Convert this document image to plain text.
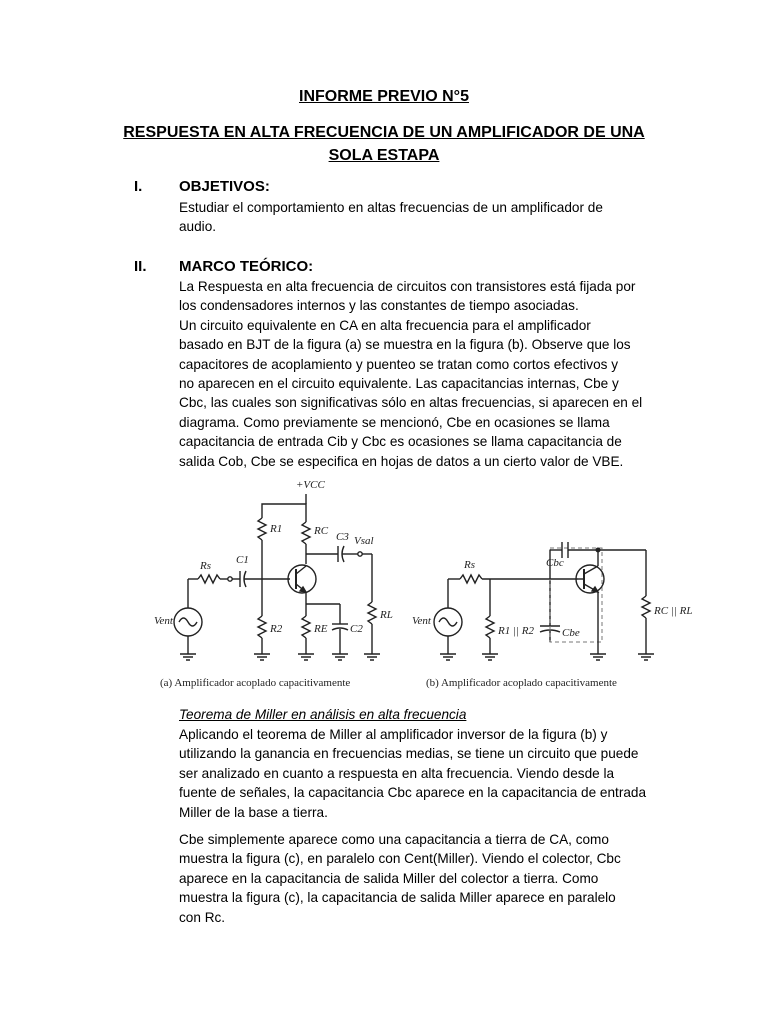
INFORME PREVIO N°5
RESPUESTA EN ALTA FRECUENCIA DE UN AMPLIFICADOR DE UNA
SOLA ESTAPA
I. OBJETIVOS:
Estudiar el comportamiento en altas frecuencias de un amplificador de
audio.
II. MARCO TEÓRICO:
La Respuesta en alta frecuencia de circuitos con transistores está fijada por
los condensadores internos y las constantes de tiempo asociadas.
Un circuito equivalente en CA en alta frecuencia para el amplificador
basado en BJT de la figura (a) se muestra en la figura (b). Observe que los
capacitores de acoplamiento y puenteo se tratan como cortos efectivos y
no aparecen en el circuito equivalente. Las capacitancias internas, Cbe y
Cbc, las cuales son significativas sólo en altas frecuencias, si aparecen en el
diagrama. Como previamente se mencionó, Cbe en ocasiones se llama
capacitancia de entrada Cib y Cbc es ocasiones se llama capacitancia de
salida Cob, Cbe se especifica en hojas de datos a un cierto valor de VBE.
+VCC
R1	RC
Rs C1
Vent
RE C2
R2
C3 Vsal
RL
(a) Amplificador acoplado capacitivamente
Vent
Rs
R1 || R2	Cbe
Cbc
RC || RL
(b) Amplificador acoplado capacitivamente
Teorema de Miller en análisis en alta frecuencia
Aplicando el teorema de Miller al amplificador inversor de la figura (b) y
utilizando la ganancia en frecuencias medias, se tiene un circuito que puede
ser analizado en cuanto a respuesta en alta frecuencia. Viendo desde la
fuente de señales, la capacitancia Cbc aparece en la capacitancia de entrada
Miller de la base a tierra.
Cbe simplemente aparece como una capacitancia a tierra de CA, como
muestra la figura (c), en paralelo con Cent(Miller). Viendo el colector, Cbc
aparece en la capacitancia de salida Miller del colector a tierra. Como
muestra la figura (c), la capacitancia de salida Miller aparece en paralelo
con Rc.
